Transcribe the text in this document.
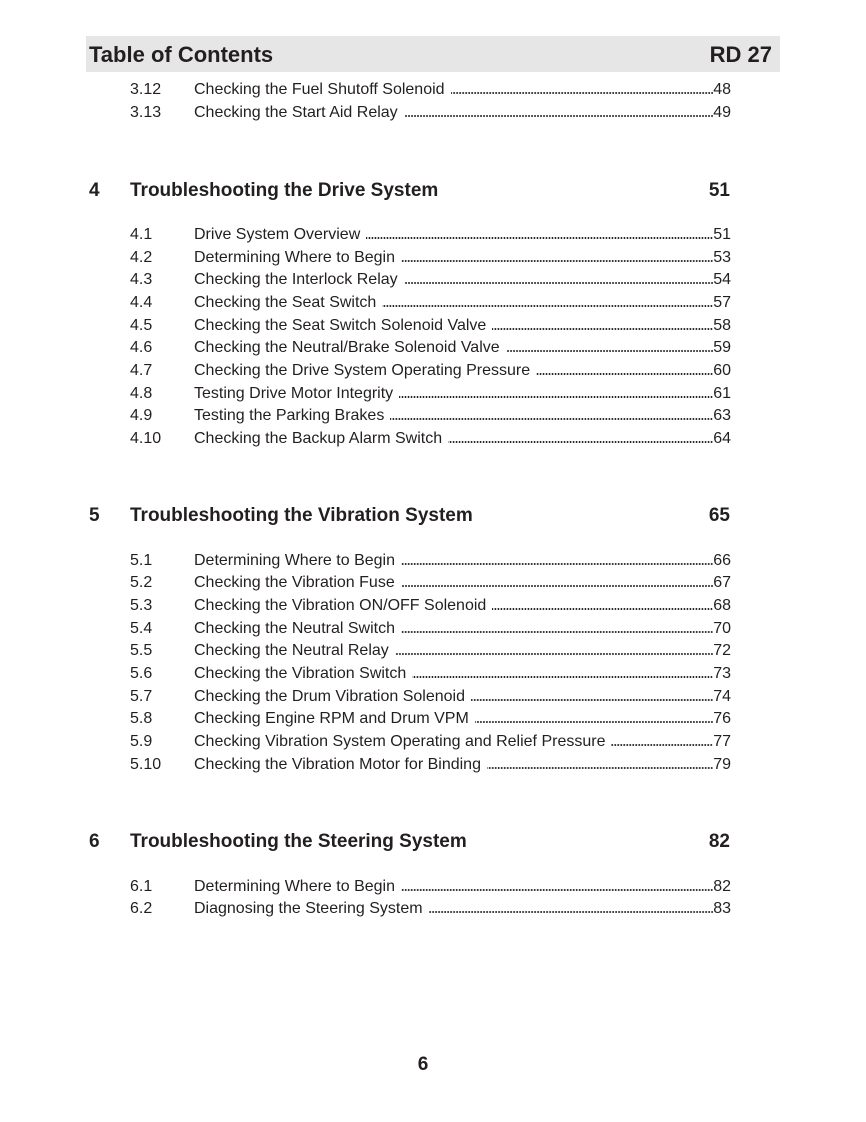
Table of Contents	RD 27
3.12 Checking the Fuel Shutoff Solenoid	48
3.13 Checking the Start Aid Relay	49
4 Troubleshooting the Drive System	51
4.1	Drive System Overview	51
4.2	Determining Where to Begin	53
4.3	Checking the Interlock Relay	54
4.4	Checking the Seat Switch	57
4.5	Checking the Seat Switch Solenoid Valve	58
4.6	Checking the Neutral/Brake Solenoid Valve	59
4.7	Checking the Drive System Operating Pressure	60
4.8	Testing Drive Motor Integrity	61
4.9	Testing the Parking Brakes	63
4.10 Checking the Backup Alarm Switch	64
5 Troubleshooting the Vibration System	65
5.1	Determining Where to Begin	66
5.2	Checking the Vibration Fuse	67
5.3	Checking the Vibration ON/OFF Solenoid	68
5.4	Checking the Neutral Switch	70
5.5	Checking the Neutral Relay	72
5.6	Checking the Vibration Switch	73
5.7	Checking the Drum Vibration Solenoid	74
5.8	Checking Engine RPM and Drum VPM	76
5.9	Checking Vibration System Operating and Relief Pressure	77
5.10 Checking the Vibration Motor for Binding	79
6 Troubleshooting the Steering System	82
6.1	Determining Where to Begin	82
6.2	Diagnosing the Steering System	83
6
